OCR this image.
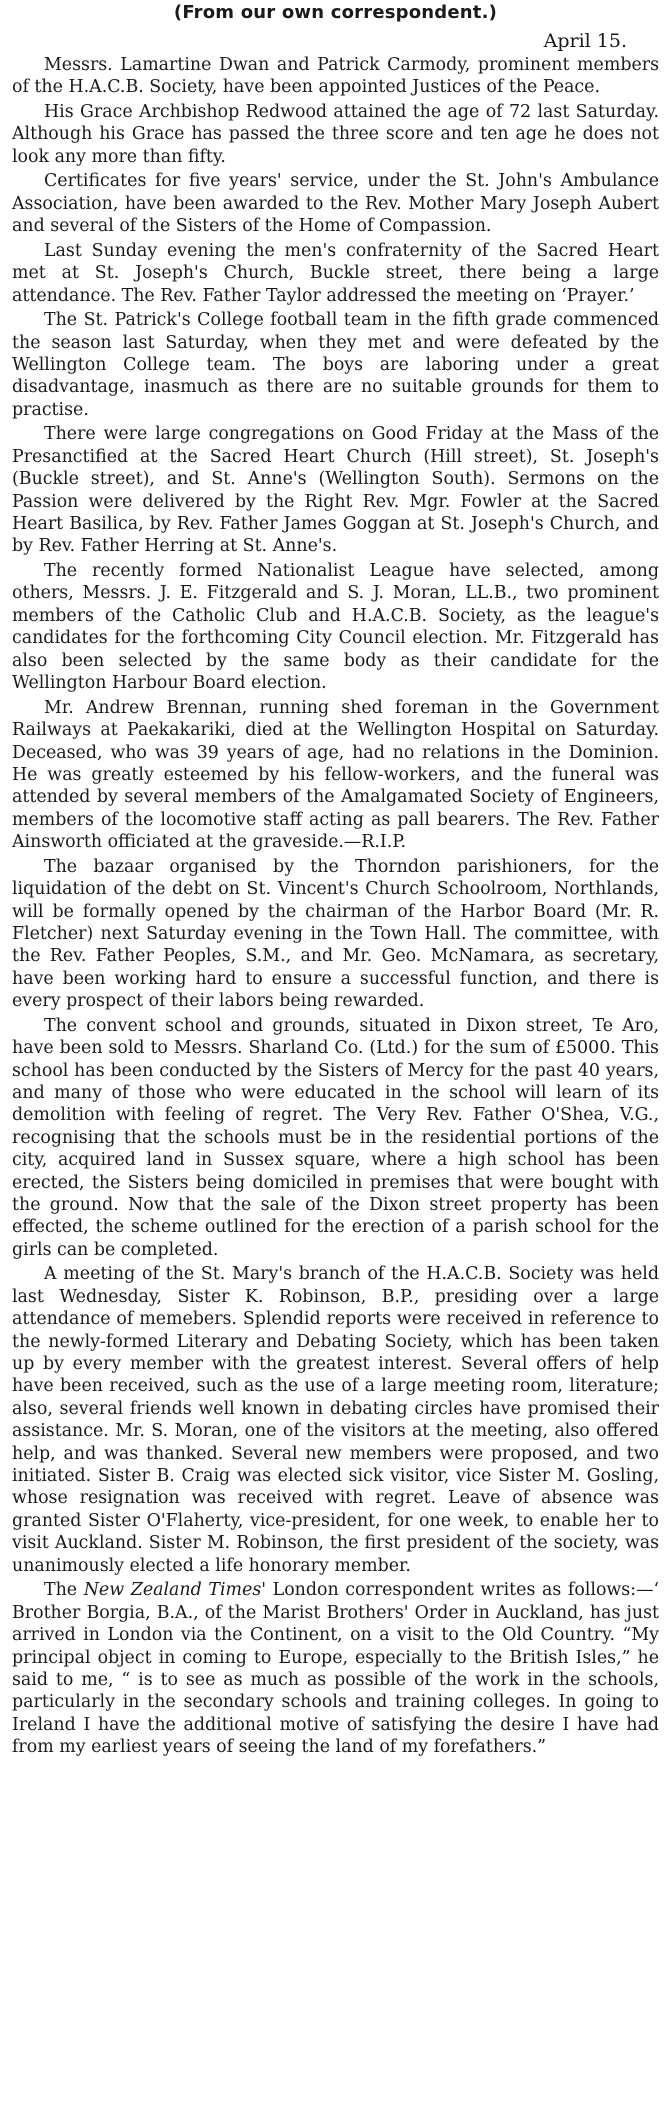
(From our own correspondent.)
April 15.

Messrs. Lamartine Dwan and Patrick Carmody, prominent members of the H.A.C.B. Society, have been appointed Justices of the Peace.

His Grace Archbishop Redwood attained the age of 72 last Saturday. Although his Grace has passed the three score and ten age he does not look any more than fifty.

Certificates for five years' service, under the St. John's Ambulance Association, have been awarded to the Rev. Mother Mary Joseph Aubert and several of the Sisters of the Home of Compassion.

Last Sunday evening the men's confraternity of the Sacred Heart met at St. Joseph's Church, Buckle street, there being a large attendance. The Rev. Father Taylor addressed the meeting on ‘Prayer.’

The St. Patrick's College football team in the fifth grade commenced the season last Saturday, when they met and were defeated by the Wellington College team. The boys are laboring under a great disadvantage, inasmuch as there are no suitable grounds for them to practise.

There were large congregations on Good Friday at the Mass of the Presanctified at the Sacred Heart Church (Hill street), St. Joseph's (Buckle street), and St. Anne's (Wellington South). Sermons on the Passion were delivered by the Right Rev. Mgr. Fowler at the Sacred Heart Basilica, by Rev. Father James Goggan at St. Joseph's Church, and by Rev. Father Herring at St. Anne's.

The recently formed Nationalist League have selected, among others, Messrs. J. E. Fitzgerald and S. J. Moran, LL.B., two prominent members of the Catholic Club and H.A.C.B. Society, as the league's candidates for the forthcoming City Council election. Mr. Fitzgerald has also been selected by the same body as their candidate for the Wellington Harbour Board election.

Mr. Andrew Brennan, running shed foreman in the Government Railways at Paekakariki, died at the Wellington Hospital on Saturday. Deceased, who was 39 years of age, had no relations in the Dominion. He was greatly esteemed by his fellow-workers, and the funeral was attended by several members of the Amalgamated Society of Engineers, members of the locomotive staff acting as pall bearers. The Rev. Father Ainsworth officiated at the graveside.—R.I.P.

The bazaar organised by the Thorndon parishioners, for the liquidation of the debt on St. Vincent's Church Schoolroom, Northlands, will be formally opened by the chairman of the Harbor Board (Mr. R. Fletcher) next Saturday evening in the Town Hall. The committee, with the Rev. Father Peoples, S.M., and Mr. Geo. McNamara, as secretary, have been working hard to ensure a successful function, and there is every prospect of their labors being rewarded.

The convent school and grounds, situated in Dixon street, Te Aro, have been sold to Messrs. Sharland Co. (Ltd.) for the sum of £5000. This school has been conducted by the Sisters of Mercy for the past 40 years, and many of those who were educated in the school will learn of its demolition with feeling of regret. The Very Rev. Father O'Shea, V.G., recognising that the schools must be in the residential portions of the city, acquired land in Sussex square, where a high school has been erected, the Sisters being domiciled in premises that were bought with the ground. Now that the sale of the Dixon street property has been effected, the scheme outlined for the erection of a parish school for the girls can be completed.

A meeting of the St. Mary's branch of the H.A.C.B. Society was held last Wednesday, Sister K. Robinson, B.P., presiding over a large attendance of memebers. Splendid reports were received in reference to the newly-formed Literary and Debating Society, which has been taken up by every member with the greatest interest. Several offers of help have been received, such as the use of a large meeting room, literature; also, several friends well known in debating circles have promised their assistance. Mr. S. Moran, one of the visitors at the meeting, also offered help, and was thanked. Several new members were proposed, and two initiated. Sister B. Craig was elected sick visitor, vice Sister M. Gosling, whose resignation was received with regret. Leave of absence was granted Sister O'Flaherty, vice-president, for one week, to enable her to visit Auckland. Sister M. Robinson, the first president of the society, was unanimously elected a life honorary member.

The New Zealand Times' London correspondent writes as follows:—‘ Brother Borgia, B.A., of the Marist Brothers' Order in Auckland, has just arrived in London via the Continent, on a visit to the Old Country. “My principal object in coming to Europe, especially to the British Isles,” he said to me, “ is to see as much as possible of the work in the schools, particularly in the secondary schools and training colleges. In going to Ireland I have the additional motive of satisfying the desire I have had from my earliest years of seeing the land of my forefathers.”
